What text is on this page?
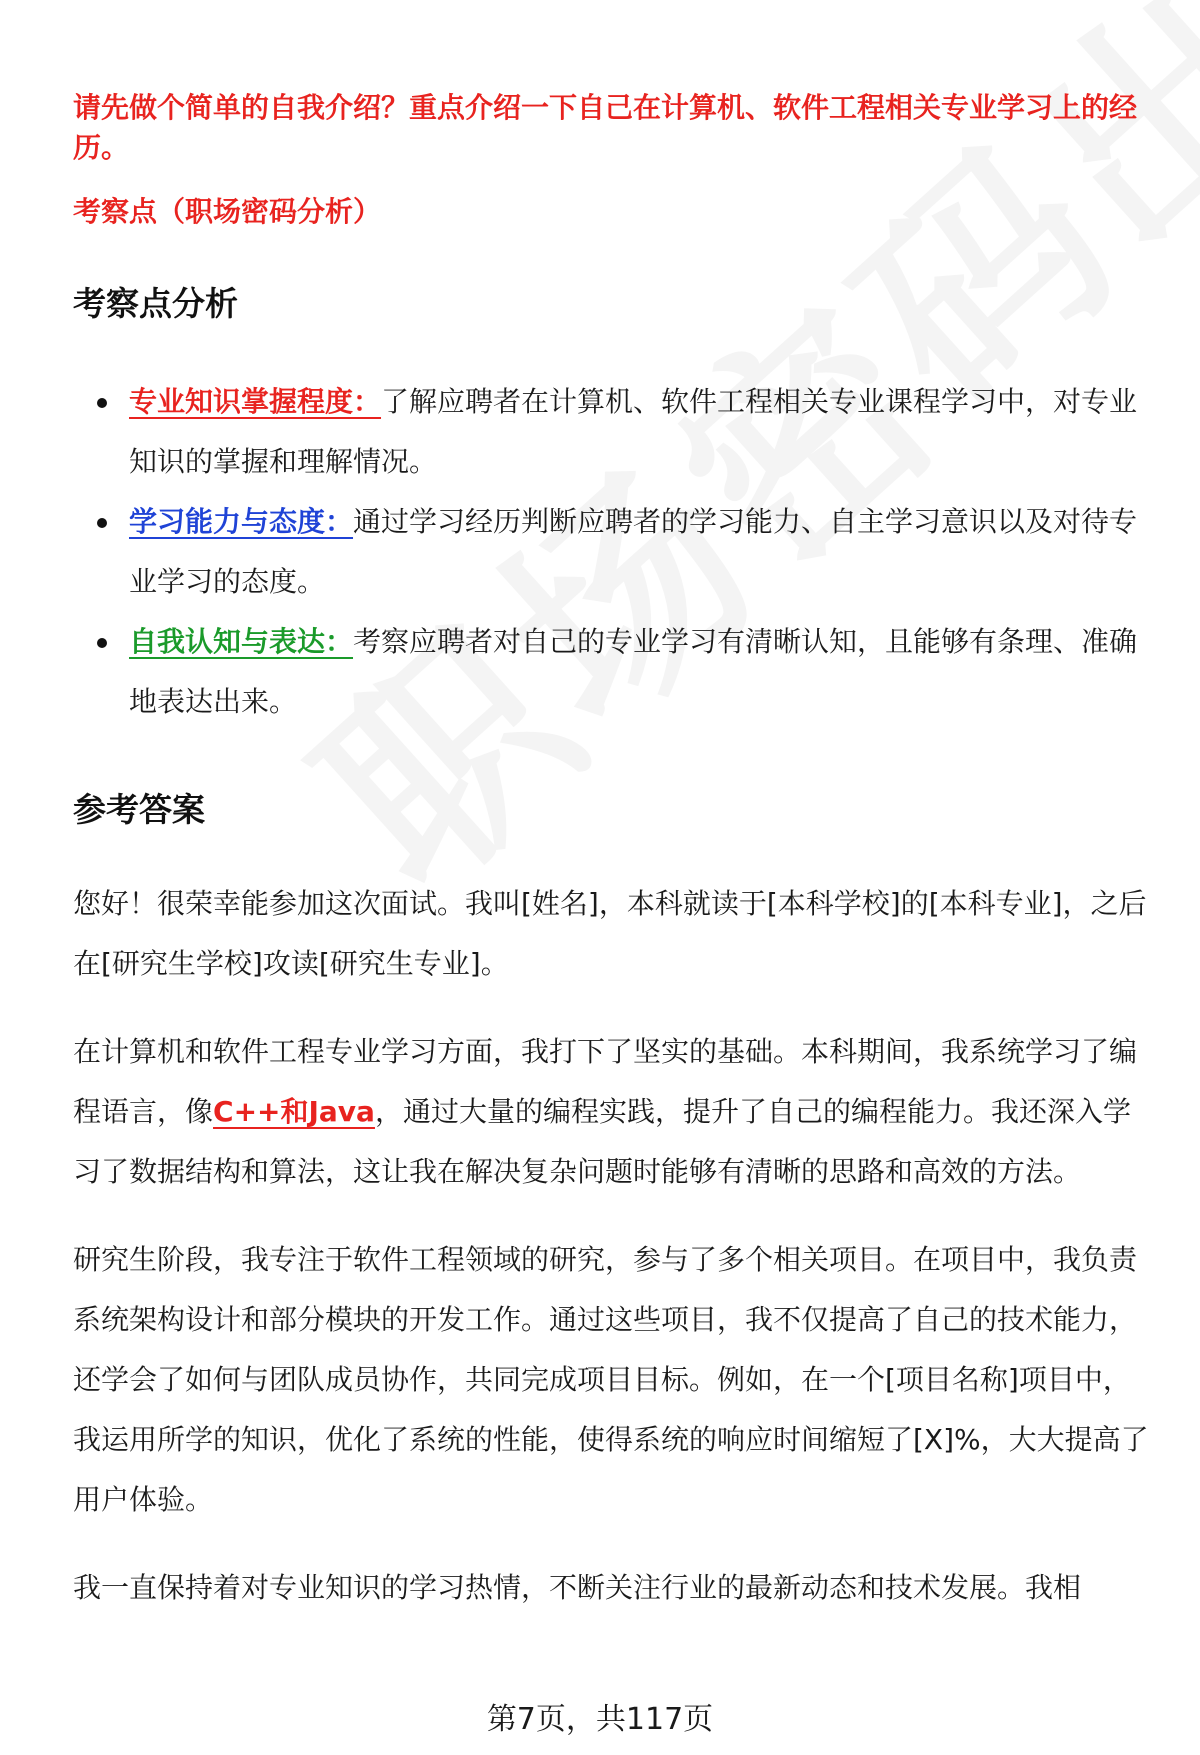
请先做个简单的自我介绍？重点介绍一下自己在计算机、软件工程相关专业学习上的经历。

考察点（职场密码分析）

考察点分析
专业知识掌握程度：了解应聘者在计算机、软件工程相关专业课程学习中，对专业知识的掌握和理解情况。
学习能力与态度：通过学习经历判断应聘者的学习能力、自主学习意识以及对待专业学习的态度。
自我认知与表达：考察应聘者对自己的专业学习有清晰认知，且能够有条理、准确地表达出来。
参考答案

您好！很荣幸能参加这次面试。我叫[姓名]，本科就读于[本科学校]的[本科专业]，之后在[研究生学校]攻读[研究生专业]。

在计算机和软件工程专业学习方面，我打下了坚实的基础。本科期间，我系统学习了编程语言，像C++和Java，通过大量的编程实践，提升了自己的编程能力。我还深入学习了数据结构和算法，这让我在解决复杂问题时能够有清晰的思路和高效的方法。

研究生阶段，我专注于软件工程领域的研究，参与了多个相关项目。在项目中，我负责系统架构设计和部分模块的开发工作。通过这些项目，我不仅提高了自己的技术能力，还学会了如何与团队成员协作，共同完成项目目标。例如，在一个[项目名称]项目中，我运用所学的知识，优化了系统的性能，使得系统的响应时间缩短了[X]%，大大提高了用户体验。

我一直保持着对专业知识的学习热情，不断关注行业的最新动态和技术发展。我相

第7页，共117页
